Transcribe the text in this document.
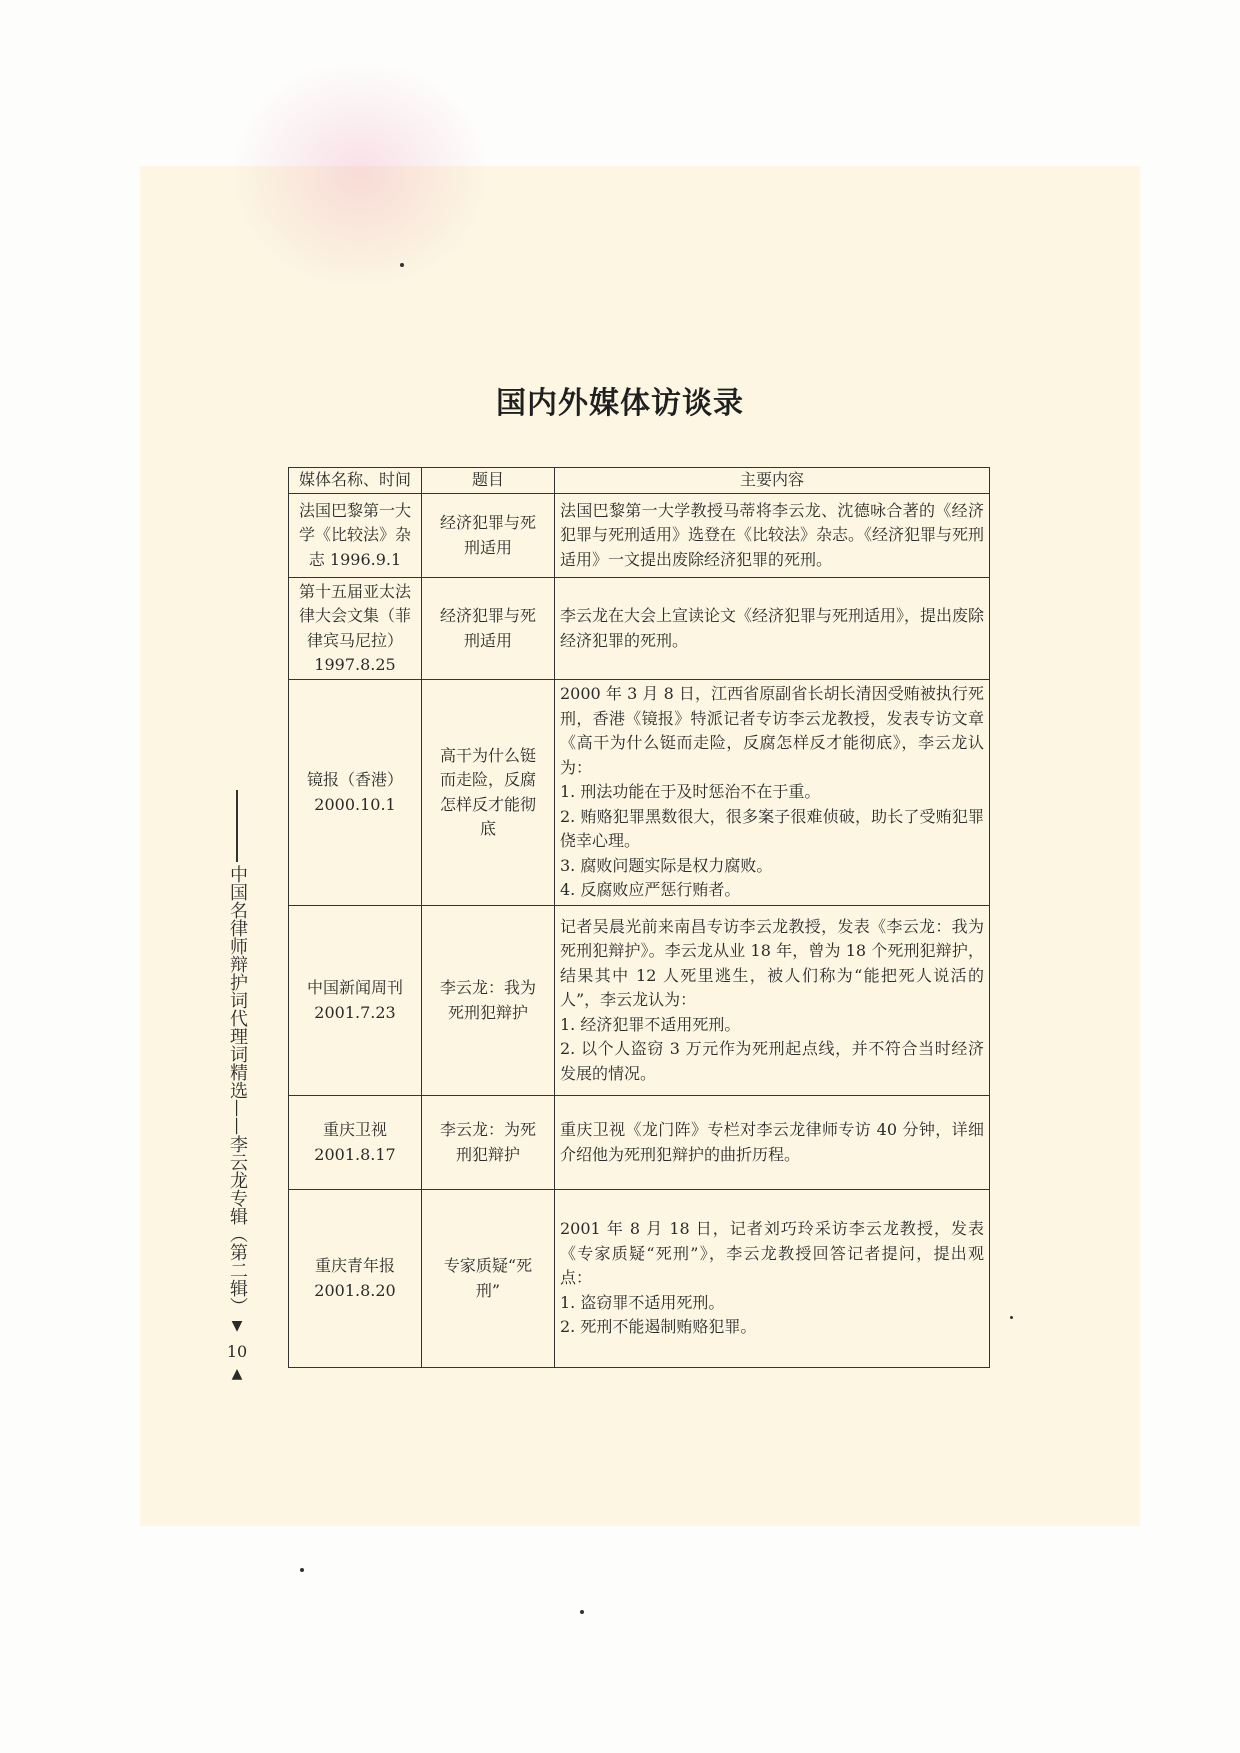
国内外媒体访谈录
媒体名称、时间	题目	主要内容
法国巴黎第一大学《比较法》杂志 1996.9.1	经济犯罪与死刑适用	法国巴黎第一大学教授马蒂将李云龙、沈德咏合著的《经济犯罪与死刑适用》选登在《比较法》杂志。《经济犯罪与死刑适用》一文提出废除经济犯罪的死刑。

第十五届亚太法律大会文集（菲律宾马尼拉）1997.8.25	经济犯罪与死刑适用	李云龙在大会上宣读论文《经济犯罪与死刑适用》，提出废除经济犯罪的死刑。

镜报（香港）2000.10.1	高干为什么铤而走险，反腐怎样反才能彻底	2000 年 3 月 8 日，江西省原副省长胡长清因受贿被执行死刑，香港《镜报》特派记者专访李云龙教授，发表专访文章《高干为什么铤而走险，反腐怎样反才能彻底》，李云龙认为：
1. 刑法功能在于及时惩治不在于重。
2. 贿赂犯罪黑数很大，很多案子很难侦破，助长了受贿犯罪侥幸心理。
3. 腐败问题实际是权力腐败。
4. 反腐败应严惩行贿者。

中国新闻周刊 2001.7.23	李云龙：我为死刑犯辩护	记者吴晨光前来南昌专访李云龙教授，发表《李云龙：我为死刑犯辩护》。李云龙从业 18 年，曾为 18 个死刑犯辩护，结果其中 12 人死里逃生，被人们称为“能把死人说活的人”，李云龙认为：
1. 经济犯罪不适用死刑。
2. 以个人盗窃 3 万元作为死刑起点线，并不符合当时经济发展的情况。

重庆卫视 2001.8.17	李云龙：为死刑犯辩护	重庆卫视《龙门阵》专栏对李云龙律师专访 40 分钟，详细介绍他为死刑犯辩护的曲折历程。

重庆青年报 2001.8.20	专家质疑“死刑”	2001 年 8 月 18 日，记者刘巧玲采访李云龙教授，发表《专家质疑“死刑”》，李云龙教授回答记者提问，提出观点：
1. 盗窃罪不适用死刑。
2. 死刑不能遏制贿赂犯罪。
中国名律师辩护词代理词精选——李云龙专辑（第二辑）
▼
10
▲
